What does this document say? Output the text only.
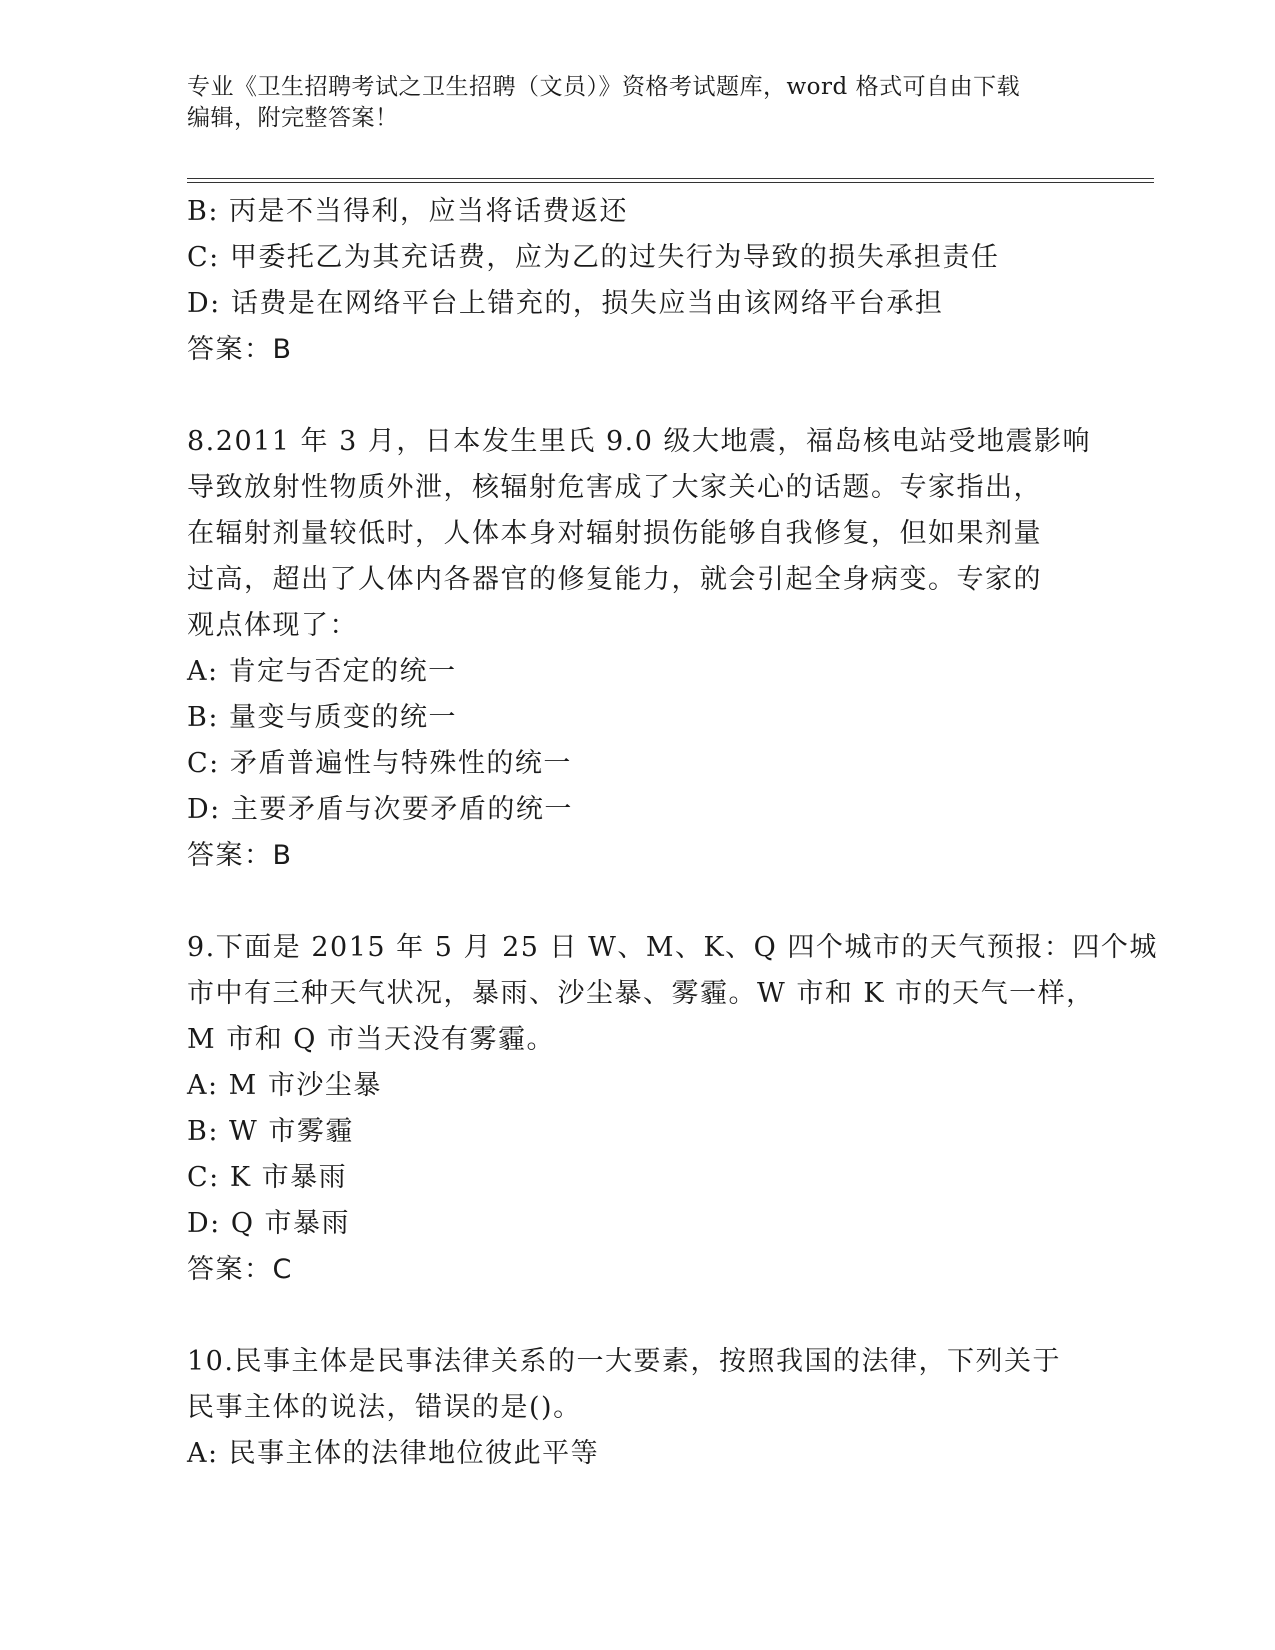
专业《卫生招聘考试之卫生招聘（文员）》资格考试题库，word 格式可自由下载
编辑，附完整答案！
B: 丙是不当得利，应当将话费返还
C: 甲委托乙为其充话费，应为乙的过失行为导致的损失承担责任
D: 话费是在网络平台上错充的，损失应当由该网络平台承担
答案：B
8.2011 年 3 月，日本发生里氏 9.0 级大地震，福岛核电站受地震影响
导致放射性物质外泄，核辐射危害成了大家关心的话题。专家指出，
在辐射剂量较低时，人体本身对辐射损伤能够自我修复，但如果剂量
过高，超出了人体内各器官的修复能力，就会引起全身病变。专家的
观点体现了：
A: 肯定与否定的统一
B: 量变与质变的统一
C: 矛盾普遍性与特殊性的统一
D: 主要矛盾与次要矛盾的统一
答案：B
9.下面是 2015 年 5 月 25 日 W、M、K、Q 四个城市的天气预报：四个城
市中有三种天气状况，暴雨、沙尘暴、雾霾。W 市和 K 市的天气一样，
M 市和 Q 市当天没有雾霾。
A: M 市沙尘暴
B: W 市雾霾
C: K 市暴雨
D: Q 市暴雨
答案：C
10.民事主体是民事法律关系的一大要素，按照我国的法律，下列关于
民事主体的说法，错误的是()。
A: 民事主体的法律地位彼此平等
